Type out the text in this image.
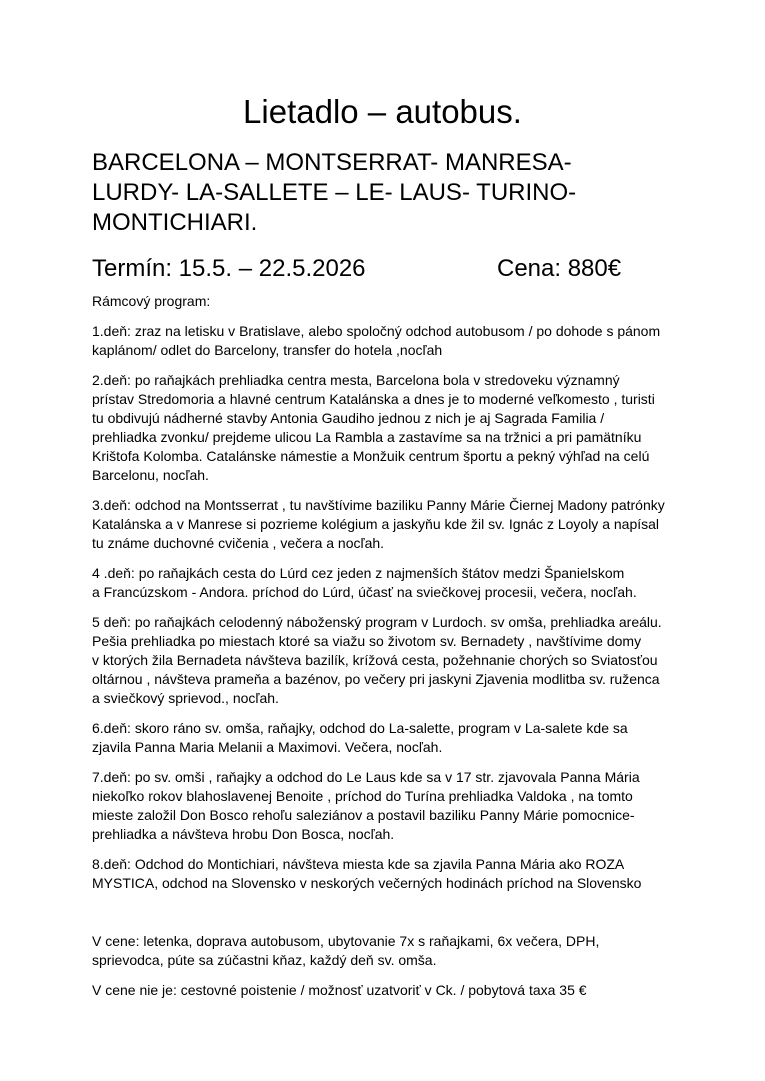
Lietadlo – autobus.
BARCELONA – MONTSERRAT- MANRESA-
LURDY- LA-SALLETE – LE- LAUS- TURINO-
MONTICHIARI.
Termín: 15.5. – 22.5.2026	Cena: 880€

Rámcový program:

1.deň: zraz na letisku v Bratislave, alebo spoločný odchod autobusom / po dohode s pánom
kaplánom/ odlet do Barcelony, transfer do hotela ,nocľah

2.deň: po raňajkách prehliadka centra mesta, Barcelona bola v stredoveku významný
prístav Stredomoria a hlavné centrum Katalánska a dnes je to moderné veľkomesto , turisti
tu obdivujú nádherné stavby Antonia Gaudiho jednou z nich je aj Sagrada Familia /
prehliadka zvonku/ prejdeme ulicou La Rambla a zastavíme sa na tržnici a pri pamätníku
Krištofa Kolomba. Catalánske námestie a Monžuik centrum športu a pekný výhľad na celú
Barcelonu, nocľah.

3.deň: odchod na Montsserrat , tu navštívime baziliku Panny Márie Čiernej Madony patrónky
Katalánska a v Manrese si pozrieme kolégium a jaskyňu kde žil sv. Ignác z Loyoly a napísal
tu známe duchovné cvičenia , večera a nocľah.

4 .deň: po raňajkách cesta do Lúrd cez jeden z najmenších štátov medzi Španielskom
a Francúzskom - Andora. príchod do Lúrd, účasť na sviečkovej procesii, večera, nocľah.

5 deň: po raňajkách celodenný náboženský program v Lurdoch. sv omša, prehliadka areálu.
Pešia prehliadka po miestach ktoré sa viažu so životom sv. Bernadety , navštívime domy
v ktorých žila Bernadeta návšteva bazilík, krížová cesta, požehnanie chorých so Sviatosťou
oltárnou , návšteva prameňa a bazénov, po večery pri jaskyni Zjavenia modlitba sv. ruženca
a sviečkový sprievod., nocľah.

6.deň: skoro ráno sv. omša, raňajky, odchod do La-salette, program v La-salete kde sa
zjavila Panna Maria Melanii a Maximovi. Večera, nocľah.

7.deň: po sv. omši , raňajky a odchod do Le Laus kde sa v 17 str. zjavovala Panna Mária
niekoľko rokov blahoslavenej Benoite , príchod do Turína prehliadka Valdoka , na tomto
mieste založil Don Bosco rehoľu saleziánov a postavil baziliku Panny Márie pomocnice-
prehliadka a návšteva hrobu Don Bosca, nocľah.

8.deň: Odchod do Montichiari, návšteva miesta kde sa zjavila Panna Mária ako ROZA
MYSTICA, odchod na Slovensko v neskorých večerných hodinách príchod na Slovensko

V cene: letenka, doprava autobusom, ubytovanie 7x s raňajkami, 6x večera, DPH,
sprievodca, púte sa zúčastni kňaz, každý deň sv. omša.

V cene nie je: cestovné poistenie / možnosť uzatvoriť v Ck. / pobytová taxa 35 €
